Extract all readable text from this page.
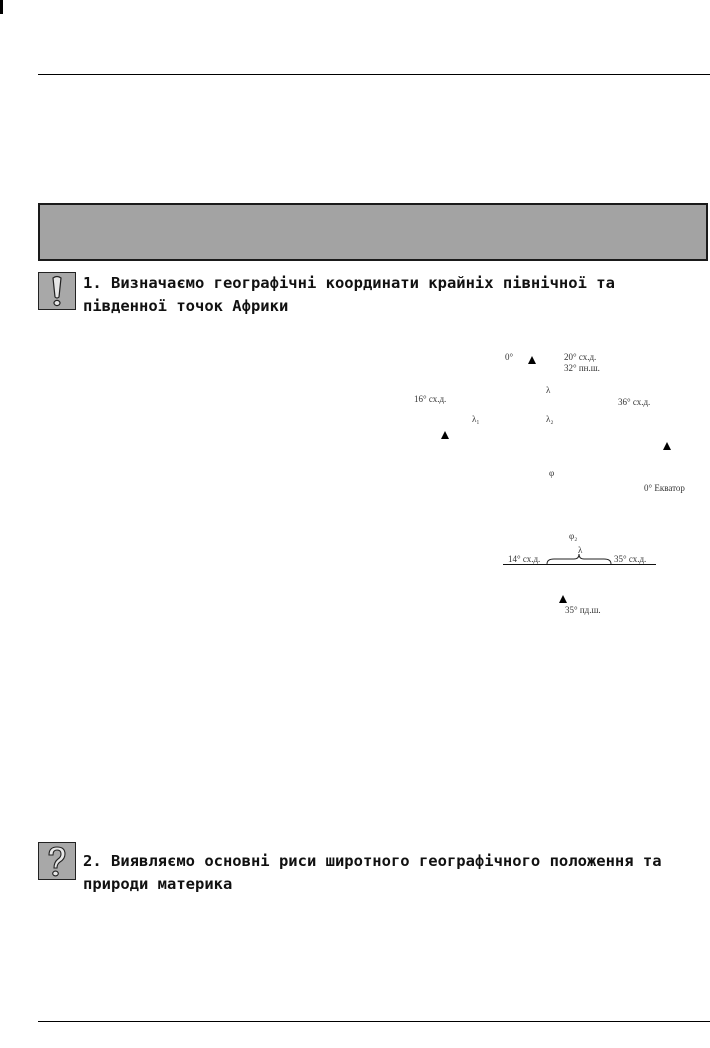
1. Визначаємо географічні координати крайніх північної та південної точок Африки
0°	20° сх.д.
32° пн.ш.
λ
16° сх.д.	36° сх.д.
λ₁	λ₂
φ
0° Екватор
φ₂
λ
14° сх.д.	35° сх.д.
35° пд.ш.
2. Виявляємо основні риси широтного географічного положення та природи материка
